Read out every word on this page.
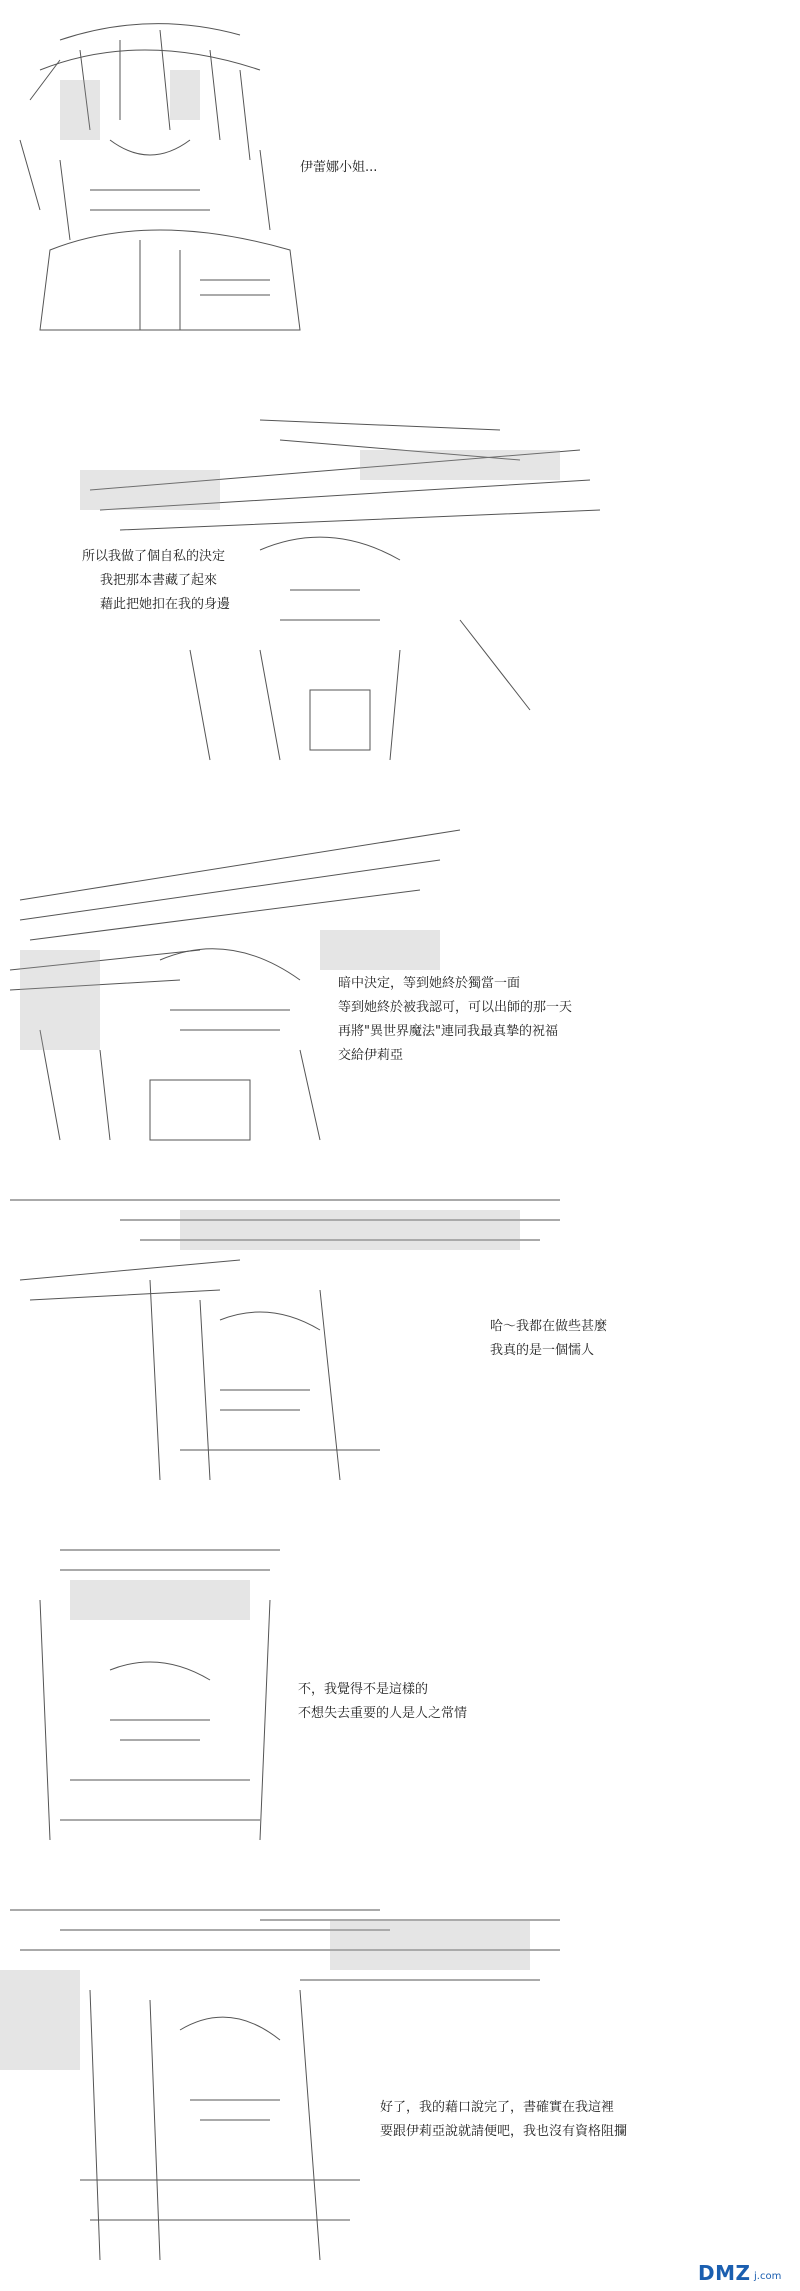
伊蕾娜小姐...
所以我做了個自私的決定
我把那本書藏了起來
藉此把她扣在我的身邊
暗中決定，等到她終於獨當一面
等到她終於被我認可，可以出師的那一天
再將"異世界魔法"連同我最真摯的祝福
交給伊莉亞
哈～我都在做些甚麼
我真的是一個懦人
不，我覺得不是這樣的
不想失去重要的人是人之常情
好了，我的藉口說完了，書確實在我這裡
要跟伊莉亞說就請便吧，我也沒有資格阻攔
DMZ j.com
